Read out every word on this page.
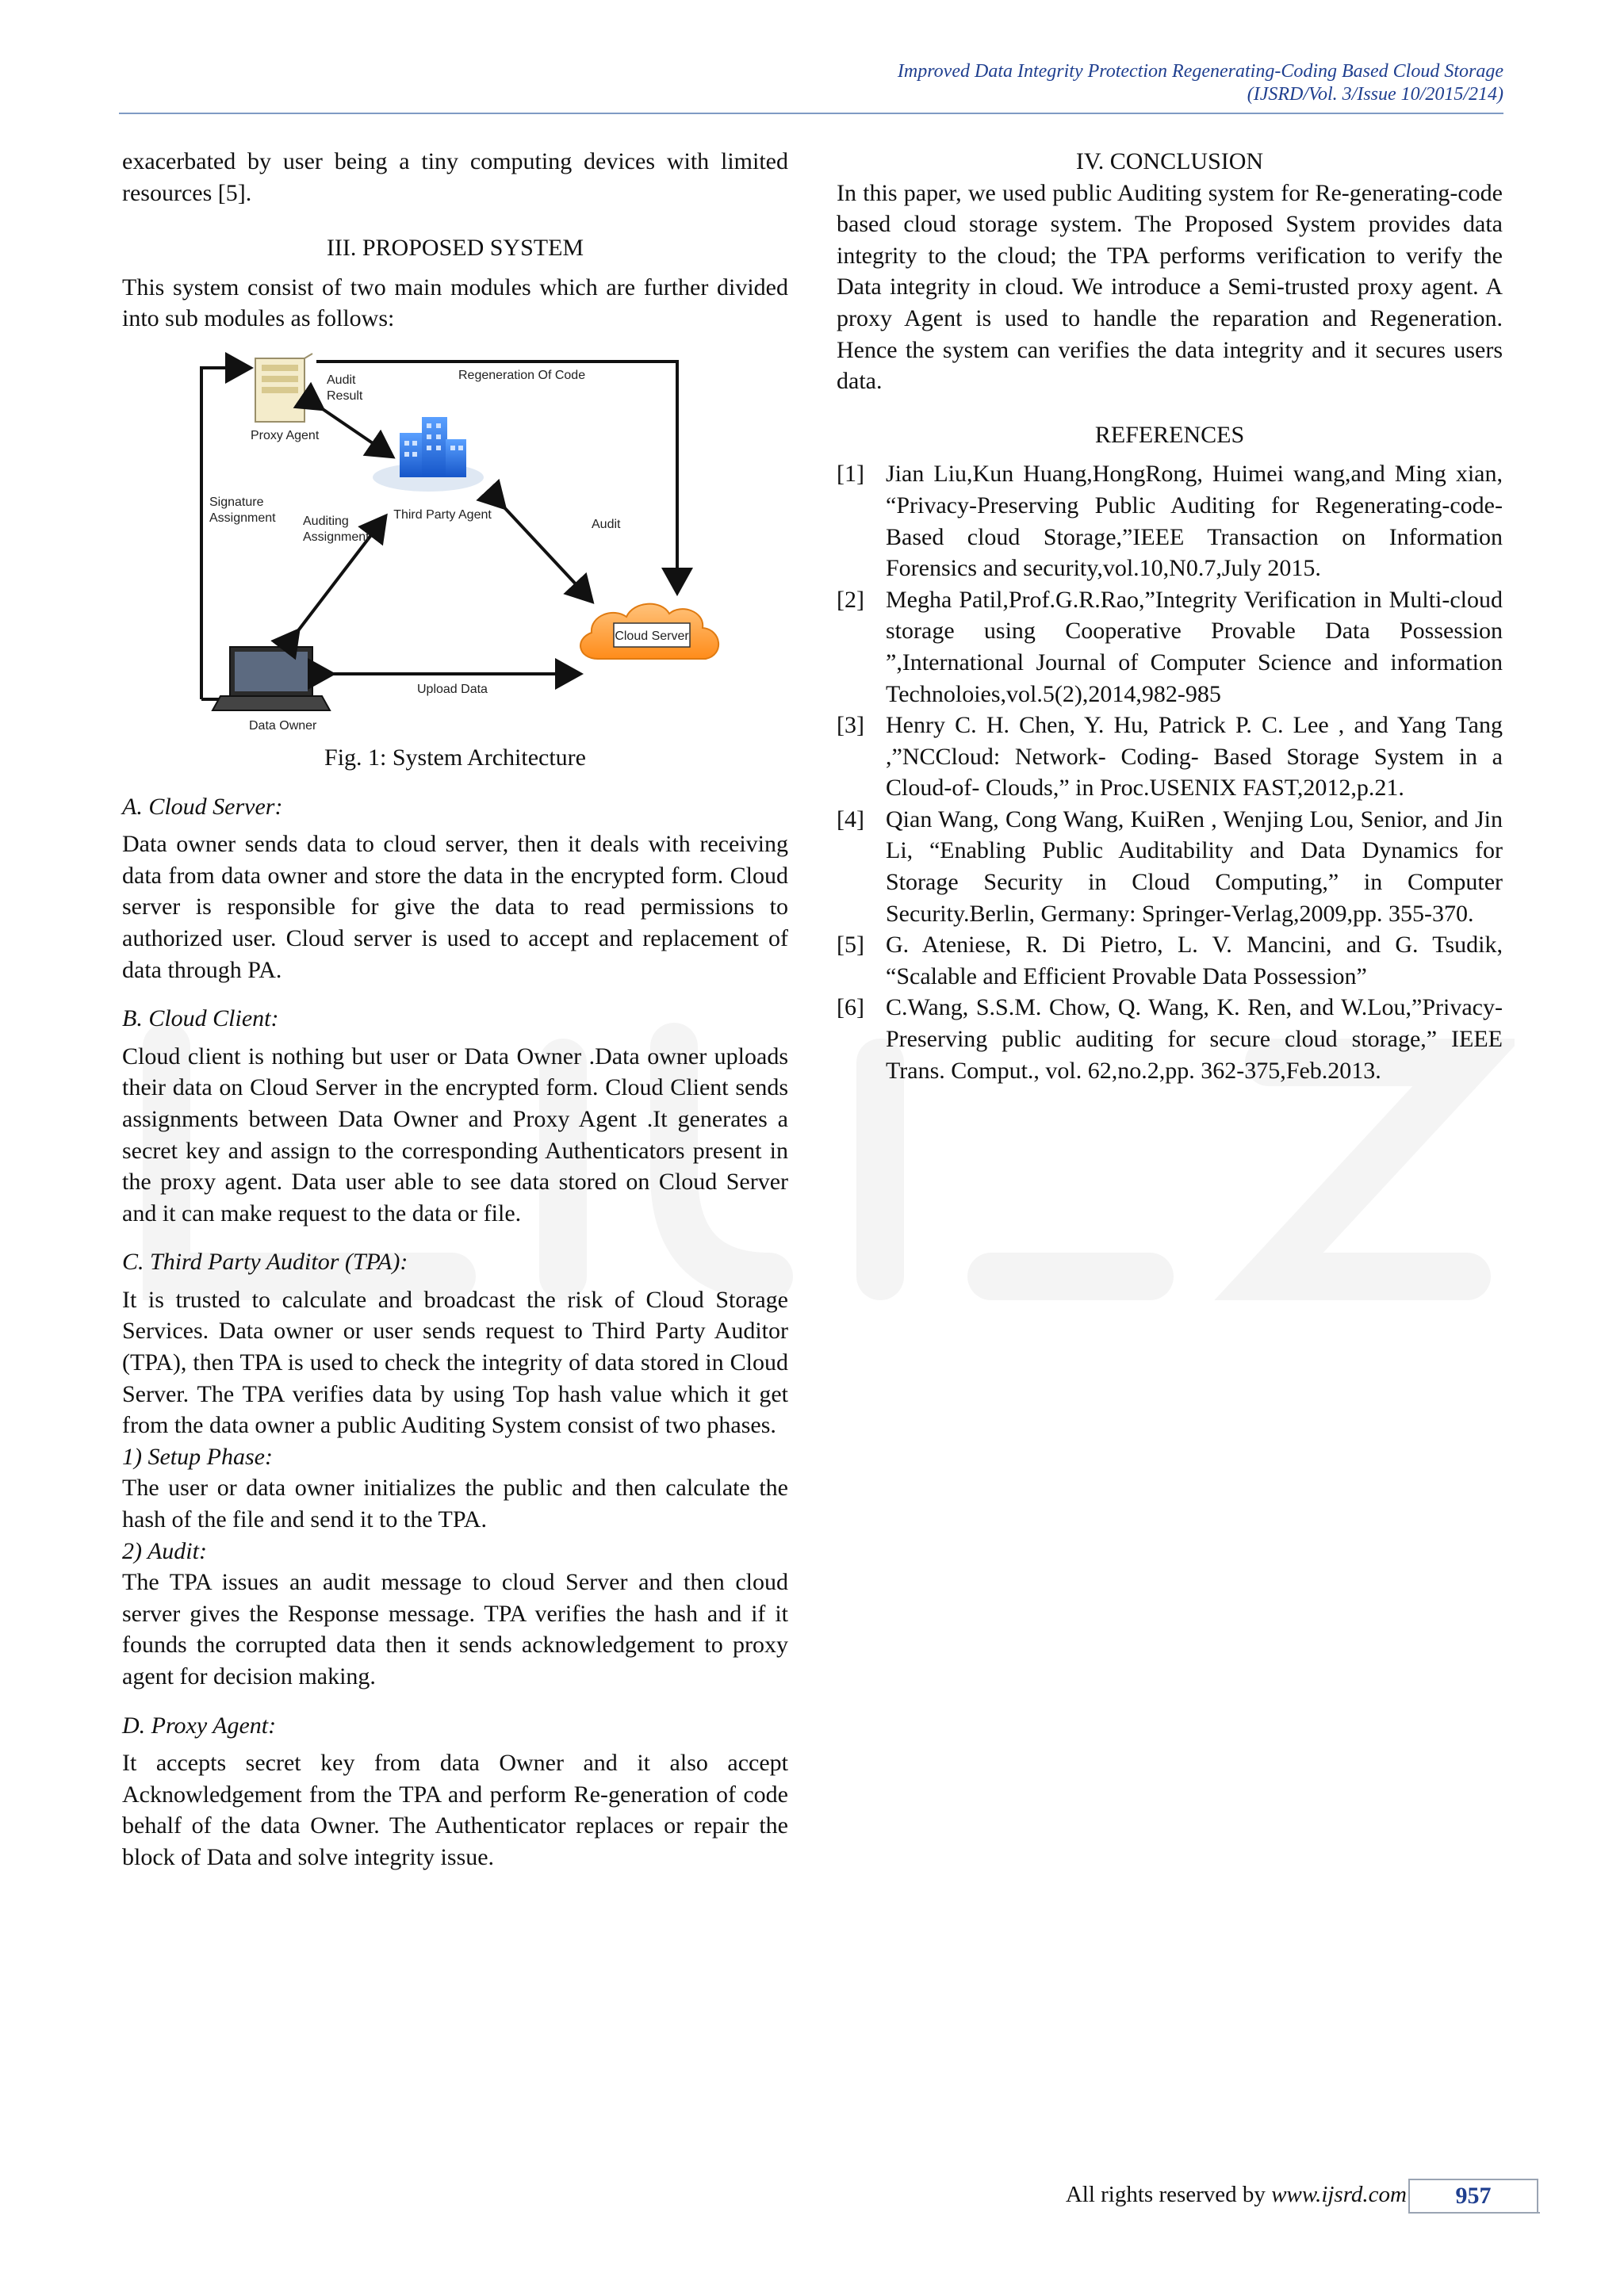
Improved Data Integrity Protection Regenerating-Coding Based Cloud Storage
(IJSRD/Vol. 3/Issue 10/2015/214)

exacerbated by user being a tiny computing devices with limited resources [5].

III. PROPOSED SYSTEM

This system consist of two main modules which are further divided into sub modules as follows:

Proxy Agent
Third Party Agent
Cloud Server
Data Owner
Audit
Result
Regeneration Of Code
Signature
Assignment Auditing
Assignment
Audit
Upload Data

Fig. 1: System Architecture

A. Cloud Server:

Data owner sends data to cloud server, then it deals with receiving data from data owner and store the data in the encrypted form. Cloud server is responsible for give the data to read permissions to authorized user. Cloud server is used to accept and replacement of data through PA.

B. Cloud Client:

Cloud client is nothing but user or Data Owner .Data owner uploads their data on Cloud Server in the encrypted form. Cloud Client sends assignments between Data Owner and Proxy Agent .It generates a secret key and assign to the corresponding Authenticators present in the proxy agent. Data user able to see data stored on Cloud Server and it can make request to the data or file.

C. Third Party Auditor (TPA):

It is trusted to calculate and broadcast the risk of Cloud Storage Services. Data owner or user sends request to Third Party Auditor (TPA), then TPA is used to check the integrity of data stored in Cloud Server. The TPA verifies data by using Top hash value which it get from the data owner a public Auditing System consist of two phases.

1) Setup Phase:

The user or data owner initializes the public and then calculate the hash of the file and send it to the TPA.

2) Audit:

The TPA issues an audit message to cloud Server and then cloud server gives the Response message. TPA verifies the hash and if it founds the corrupted data then it sends acknowledgement to proxy agent for decision making.

D. Proxy Agent:

It accepts secret key from data Owner and it also accept Acknowledgement from the TPA and perform Re-generation of code behalf of the data Owner. The Authenticator replaces or repair the block of Data and solve integrity issue.

IV. CONCLUSION

In this paper, we used public Auditing system for Re-generating-code based cloud storage system. The Proposed System provides data integrity to the cloud; the TPA performs verification to verify the Data integrity in cloud. We introduce a Semi-trusted proxy agent. A proxy Agent is used to handle the reparation and Regeneration. Hence the system can verifies the data integrity and it secures users data.

REFERENCES

[1] Jian Liu,Kun Huang,HongRong, Huimei wang,and Ming xian, “Privacy-Preserving Public Auditing for Regenerating-code-Based cloud Storage,”IEEE Transaction on Information Forensics and security,vol.10,N0.7,July 2015.
[2] Megha Patil,Prof.G.R.Rao,”Integrity Verification in Multi-cloud storage using Cooperative Provable Data Possession ”,International Journal of Computer Science and information Technoloies,vol.5(2),2014,982-985
[3] Henry C. H. Chen, Y. Hu, Patrick P. C. Lee , and Yang Tang ,”NCCloud: Network- Coding- Based Storage System in a Cloud-of- Clouds,” in Proc.USENIX FAST,2012,p.21.
[4] Qian Wang, Cong Wang, KuiRen , Wenjing Lou, Senior, and Jin Li, “Enabling Public Auditability and Data Dynamics for Storage Security in Cloud Computing,” in Computer Security.Berlin, Germany: Springer-Verlag,2009,pp. 355-370.
[5] G. Ateniese, R. Di Pietro, L. V. Mancini, and G. Tsudik, “Scalable and Efficient Provable Data Possession”
[6] C.Wang, S.S.M. Chow, Q. Wang, K. Ren, and W.Lou,”Privacy-Preserving public auditing for secure cloud storage,” IEEE Trans. Comput., vol. 62,no.2,pp. 362-375,Feb.2013.
All rights reserved by www.ijsrd.com	957
